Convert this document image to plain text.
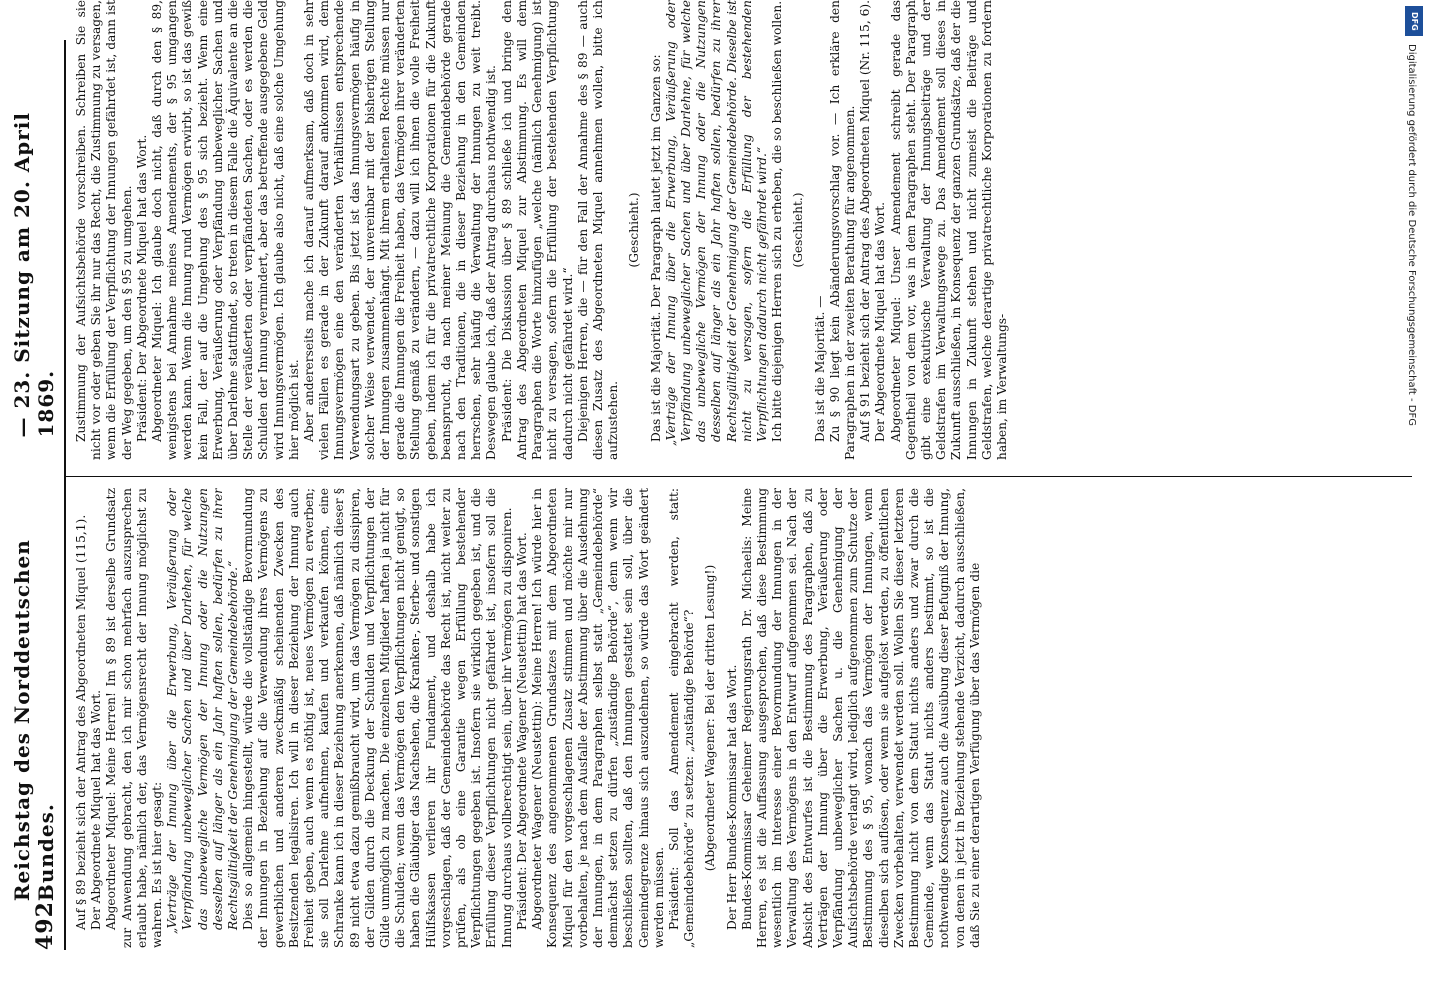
492
Reichstag des Norddeutschen Bundes.
— 23. Sitzung am 20. April 1869.

Auf § 89 bezieht sich der Antrag des Abgeordneten Miquel (115,1). Der Abgeordnete Miquel hat das Wort. Abgeordneter Miquel: Meine Herren! Im § 89 ist derselbe Grundsatz zur Anwendung gebracht, den ich mir schon mehrfach auszusprechen erlaubt habe, nämlich der, das Vermögensrecht der Innung möglichst zu wahren. Es ist hier gesagt: „Verträge der Innung über die Erwerbung, Veräußerung oder Verpfändung unbeweglicher Sachen und über Darlehen, für welche das unbewegliche Vermögen der Innung oder die Nutzungen desselben auf länger als ein Jahr haften sollen, bedürfen zu ihrer Rechtsgültigkeit der Genehmigung der Gemeindebehörde.“ Dies so allgemein hingestellt, würde die vollständige Bevormundung der Innungen in Beziehung auf die Verwendung ihres Vermögens zu gewerblichen und anderen zweckmäßig scheinenden Zwecken des Besitzenden legalisiren. Ich will in dieser Beziehung der Innung auch Freiheit geben, auch wenn es nöthig ist, neues Vermögen zu erwerben; sie soll Darlehne aufnehmen, kaufen und verkaufen können, eine Schranke kann ich in dieser Beziehung anerkennen, daß nämlich dieser § 89 nicht etwa dazu gemißbraucht wird, um das Vermögen zu dissipiren, der Gilden durch die Deckung der Schulden und Verpflichtungen der Gilde unmöglich zu machen. Die einzelnen Mitglieder haften ja nicht für die Schulden; wenn das Vermögen den Verpflichtungen nicht genügt, so haben die Gläubiger das Nachsehen, die Kranken-, Sterbe- und sonstigen Hülfskassen verlieren ihr Fundament, und deshalb habe ich vorgeschlagen, daß der Gemeindebehörde das Recht ist, nicht weiter zu prüfen, als ob eine Garantie wegen Erfüllung bestehender Verpflichtungen gegeben ist. Insofern sie wirklich gegeben ist, und die Erfüllung dieser Verpflichtungen nicht gefährdet ist, insofern soll die Innung durchaus vollberechtigt sein, über ihr Vermögen zu disponiren. Präsident: Der Abgeordnete Wagener (Neustettin) hat das Wort. Abgeordneter Wagener (Neustettin): Meine Herren! Ich würde hier in Konsequenz des angenommenen Grundsatzes mit dem Abgeordneten Miquel für den vorgeschlagenen Zusatz stimmen und möchte mir nur vorbehalten, je nach dem Ausfalle der Abstimmung über die Ausdehnung der Innungen, in dem Paragraphen selbst statt „Gemeindebehörde“ demnächst setzen zu dürfen „zuständige Behörde“, denn wenn wir beschließen sollten, daß den Innungen gestattet sein soll, über die Gemeindegrenze hinaus sich auszudehnen, so würde das Wort geändert werden müssen. Präsident: Soll das Amendement eingebracht werden, statt: „Gemeindebehörde“ zu setzen: „zuständige Behörde“? (Abgeordneter Wagener: Bei der dritten Lesung!) Der Herr Bundes-Kommissar hat das Wort. Bundes-Kommissar Geheimer Regierungsrath Dr. Michaelis: Meine Herren, es ist die Auffassung ausgesprochen, daß diese Bestimmung wesentlich im Interesse einer Bevormundung der Innungen in der Verwaltung des Vermögens in den Entwurf aufgenommen sei. Nach der Absicht des Entwurfes ist die Bestimmung des Paragraphen, daß zu Verträgen der Innung über die Erwerbung, Veräußerung oder Verpfändung unbeweglicher Sachen u. die Genehmigung der Aufsichtsbehörde verlangt wird, lediglich aufgenommen zum Schutze der Bestimmung des § 95, wonach das Vermögen der Innungen, wenn dieselben sich auflösen, oder wenn sie aufgelöst werden, zu öffentlichen Zwecken vorbehalten, verwendet werden soll. Wollen Sie dieser letzteren Bestimmung nicht von dem Statut nichts anders und zwar durch die Gemeinde, wenn das Statut nichts anders bestimmt, so ist die nothwendige Konsequenz auch die Ausübung dieser Befugniß der Innung, von denen in jetzt in Beziehung stehende Verzicht, dadurch ausschließen, daß Sie zu einer derartigen Verfügung über das Vermögen die

Zustimmung der Aufsichtsbehörde vorschreiben. Schreiben Sie sie nicht vor oder geben Sie ihr nur das Recht, die Zustimmung zu versagen, wenn die Erfüllung der Verpflichtung der Innungen gefährdet ist, dann ist der Weg gegeben, um den § 95 zu umgehen. Präsident: Der Abgeordnete Miquel hat das Wort. Abgeordneter Miquel: Ich glaube doch nicht, daß durch den § 89, wenigstens bei Annahme meines Amendements, der § 95 umgangen werden kann. Wenn die Innung rund Vermögen erwirbt, so ist das gewiß kein Fall, der auf die Umgehung des § 95 sich bezieht. Wenn eine Erwerbung, Veräußerung oder Verpfändung unbeweglicher Sachen und über Darlehne stattfindet, so treten in diesem Falle die Äquivalente an die Stelle der veräußerten oder verpfändeten Sachen, oder es werden die Schulden der Innung vermindert, aber das betreffende ausgegebene Geld wird Innungsvermögen. Ich glaube also nicht, daß eine solche Umgehung hier möglich ist. Aber andererseits mache ich darauf aufmerksam, daß doch in sehr vielen Fällen es gerade in der Zukunft darauf ankommen wird, dem Innungsvermögen eine den veränderten Verhältnissen entsprechende Verwendungsart zu geben. Bis jetzt ist das Innungsvermögen häufig in solcher Weise verwendet, der unvereinbar mit der bisherigen Stellung der Innungen zusammenhängt. Mit ihrem erhaltenen Rechte müssen nur gerade die Innungen die Freiheit haben, das Vermögen ihrer veränderten Stellung gemäß zu verändern, — dazu will ich ihnen die volle Freiheit geben, indem ich für die privatrechtliche Korporationen für die Zukunft beansprucht, da nach meiner Meinung die Gemeindebehörde gerade nach den Traditionen, die in dieser Beziehung in den Gemeinden herrschen, sehr häufig die Verwaltung der Innungen zu weit treibt. Deswegen glaube ich, daß der Antrag durchaus nothwendig ist. Präsident: Die Diskussion über § 89 schließe ich und bringe den Antrag des Abgeordneten Miquel zur Abstimmung. Es will dem Paragraphen die Worte hinzufügen „welche (nämlich Genehmigung) ist nicht zu versagen, sofern die Erfüllung der bestehenden Verpflichtung dadurch nicht gefährdet wird.“ Diejenigen Herren, die — für den Fall der Annahme des § 89 — auch diesen Zusatz des Abgeordneten Miquel annehmen wollen, bitte ich aufzustehen.

(Geschieht.) Das ist die Majorität. Der Paragraph lautet jetzt im Ganzen so: „Verträge der Innung über die Erwerbung, Veräußerung oder Verpfändung unbeweglicher Sachen und über Darlehne, für welche das unbewegliche Vermögen der Innung oder die Nutzungen desselben auf länger als ein Jahr haften sollen, bedürfen zu ihrer Rechtsgültigkeit der Genehmigung der Gemeindebehörde. Dieselbe ist nicht zu versagen, sofern die Erfüllung der bestehenden Verpflichtungen dadurch nicht gefährdet wird.“ Ich bitte diejenigen Herren sich zu erheben, die so beschließen wollen. (Geschieht.)

Das ist die Majorität. — Zu § 90 liegt kein Abänderungsvorschlag vor. — Ich erkläre den Paragraphen in der zweiten Berathung für angenommen. Auf § 91 bezieht sich der Antrag des Abgeordneten Miquel (Nr. 115, 6). Der Abgeordnete Miquel hat das Wort. Abgeordneter Miquel: Unser Amendement schreibt gerade das Gegentheil von dem vor, was in dem Paragraphen steht. Der Paragraph gibt eine exekutivische Verwaltung der Innungsbeiträge und der Geldstrafen im Verwaltungswege zu. Das Amendement soll dieses in Zukunft ausschließen, in Konsequenz der ganzen Grundsätze, daß der die Innungen in Zukunft stehen und nicht zumeist die Beiträge und Geldstrafen, welche derartige privatrechtliche Korporationen zu fordern haben, im Verwaltungs-

DFG
Digitalisierung gefördert durch die Deutsche Forschungsgemeinschaft - DFG
